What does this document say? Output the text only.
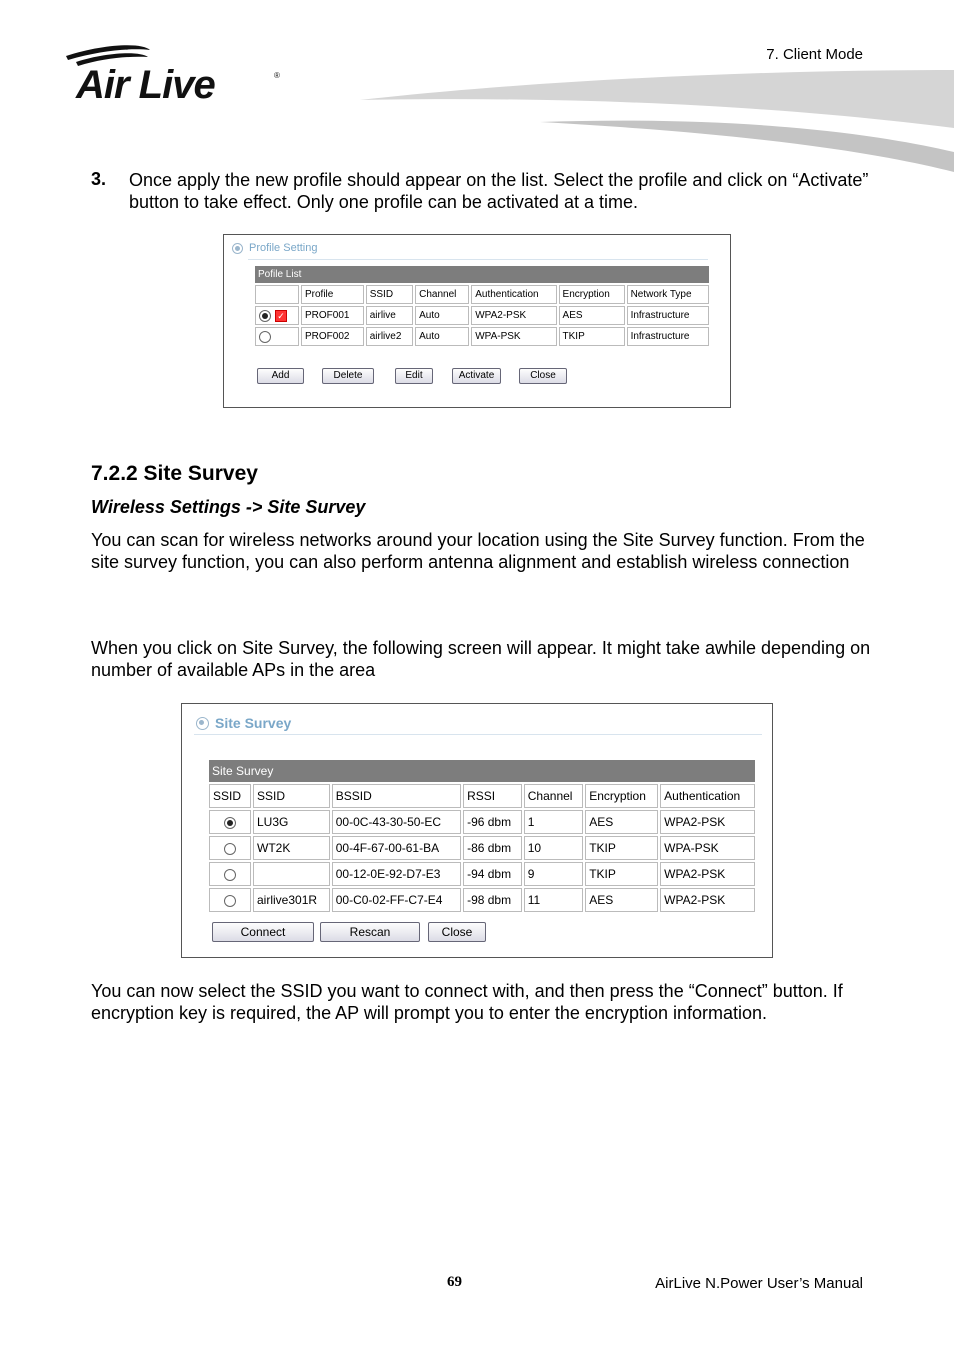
Air Live	®
7. Client Mode
3. Once apply the new profile should appear on the list. Select the profile and click on “Activate” button to take effect. Only one profile can be activated at a time.
Profile Setting
Pofile List						
	Profile	SSID	Channel	Authentication	Encryption	Network Type
✓	PROF001	airlive	Auto	WPA2-PSK	AES	Infrastructure
	PROF002	airlive2	Auto	WPA-PSK	TKIP	Infrastructure
Add	Delete	Edit	Activate	Close
7.2.2 Site Survey
Wireless Settings -> Site Survey
You can scan for wireless networks around your location using the Site Survey function. From the site survey function, you can also perform antenna alignment and establish wireless connection
When you click on Site Survey, the following screen will appear. It might take awhile depending on number of available APs in the area
Site Survey
Site Survey						
SSID	SSID	BSSID	RSSI	Channel	Encryption	Authentication
	LU3G	00-0C-43-30-50-EC	-96 dbm	1	AES	WPA2-PSK
	WT2K	00-4F-67-00-61-BA	-86 dbm	10	TKIP	WPA-PSK
		00-12-0E-92-D7-E3	-94 dbm	9	TKIP	WPA2-PSK
	airlive301R	00-C0-02-FF-C7-E4	-98 dbm	11	AES	WPA2-PSK
Connect	Rescan	Close
You can now select the SSID you want to connect with, and then press the “Connect” button. If encryption key is required, the AP will prompt you to enter the encryption information.
69	AirLive N.Power User’s Manual
